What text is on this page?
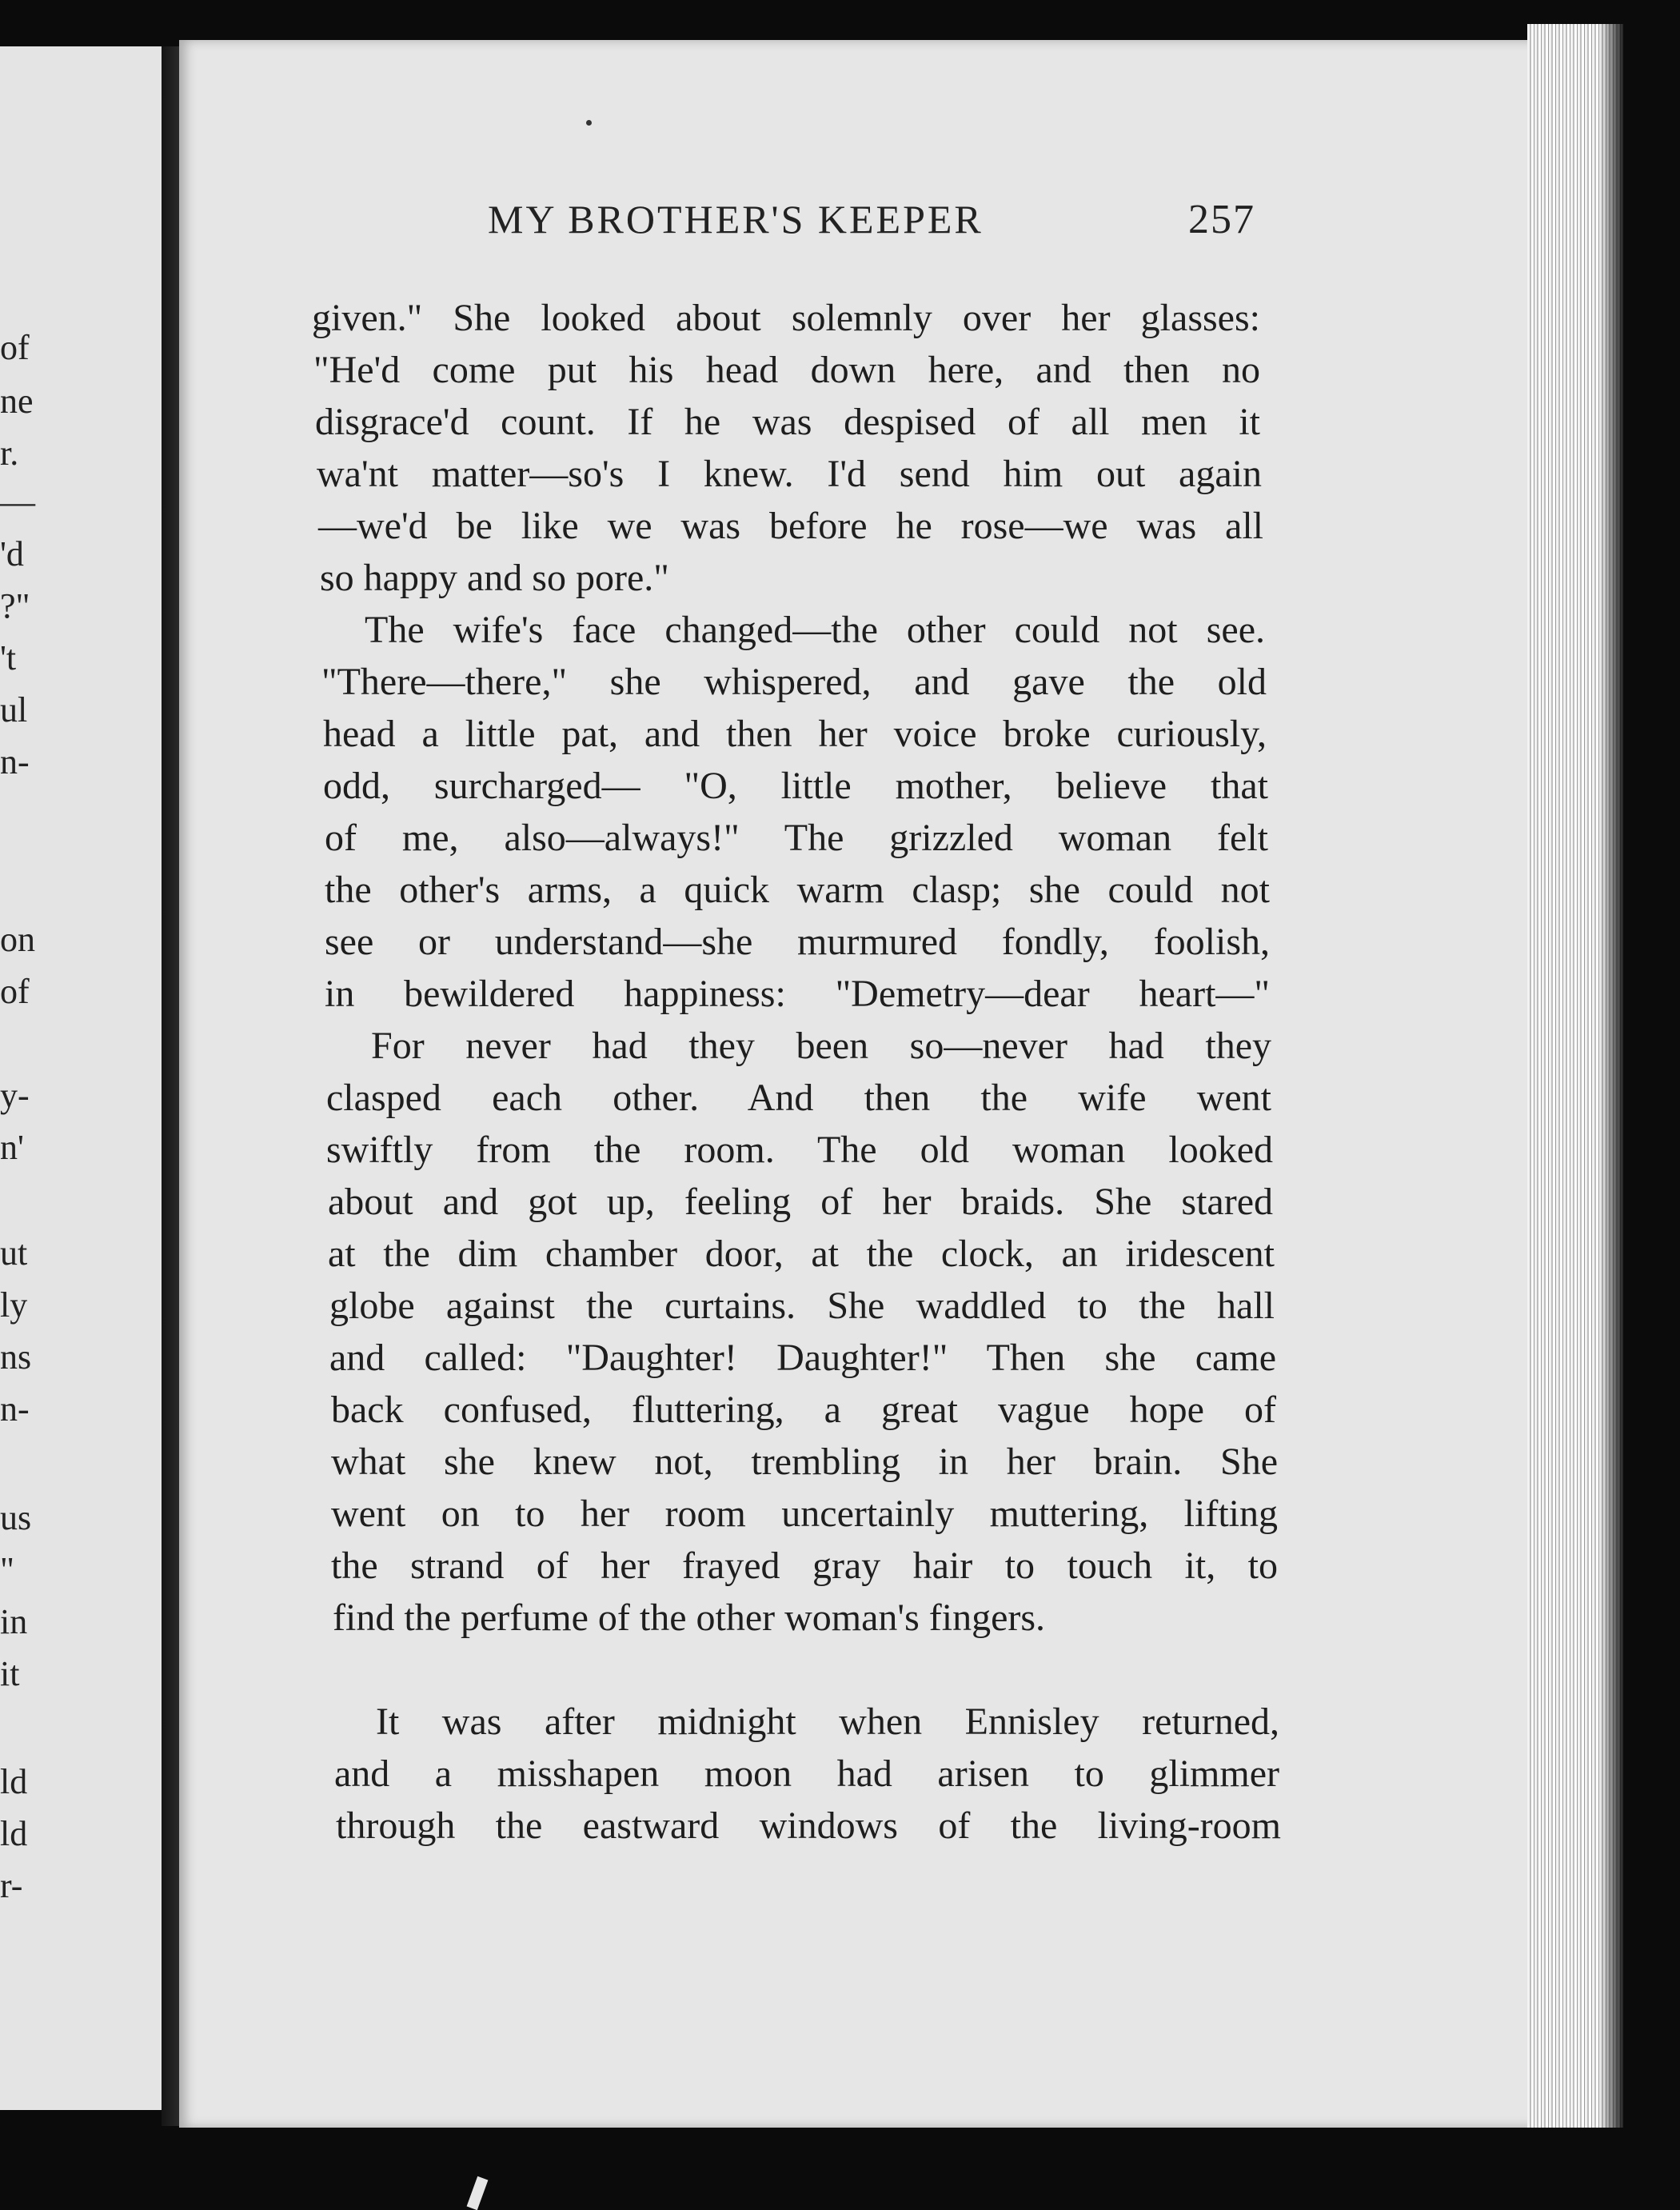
of

ne

r.

—

'd

?"

't

ul

n-

on

of

y-

n'

ut

ly

ns

n-

us

"

in

it

ld

ld

r-

MY BROTHER'S KEEPER	257

given." She looked about solemnly over her glasses:

"He'd come put his head down here, and then no

disgrace'd count. If he was despised of all men it

wa'nt matter—so's I knew. I'd send him out again

—we'd be like we was before he rose—we was all

so happy and so pore."

The wife's face changed—the other could not see.

"There—there," she whispered, and gave the old

head a little pat, and then her voice broke curiously,

odd, surcharged— "O, little mother, believe that

of me, also—always!" The grizzled woman felt

the other's arms, a quick warm clasp; she could not

see or understand—she murmured fondly, foolish,

in bewildered happiness: "Demetry—dear heart—"

For never had they been so—never had they

clasped each other. And then the wife went

swiftly from the room. The old woman looked

about and got up, feeling of her braids. She stared

at the dim chamber door, at the clock, an iridescent

globe against the curtains. She waddled to the hall

and called: "Daughter! Daughter!" Then she came

back confused, fluttering, a great vague hope of

what she knew not, trembling in her brain. She

went on to her room uncertainly muttering, lifting

the strand of her frayed gray hair to touch it, to

find the perfume of the other woman's fingers.

It was after midnight when Ennisley returned,

and a misshapen moon had arisen to glimmer

through the eastward windows of the living-room
